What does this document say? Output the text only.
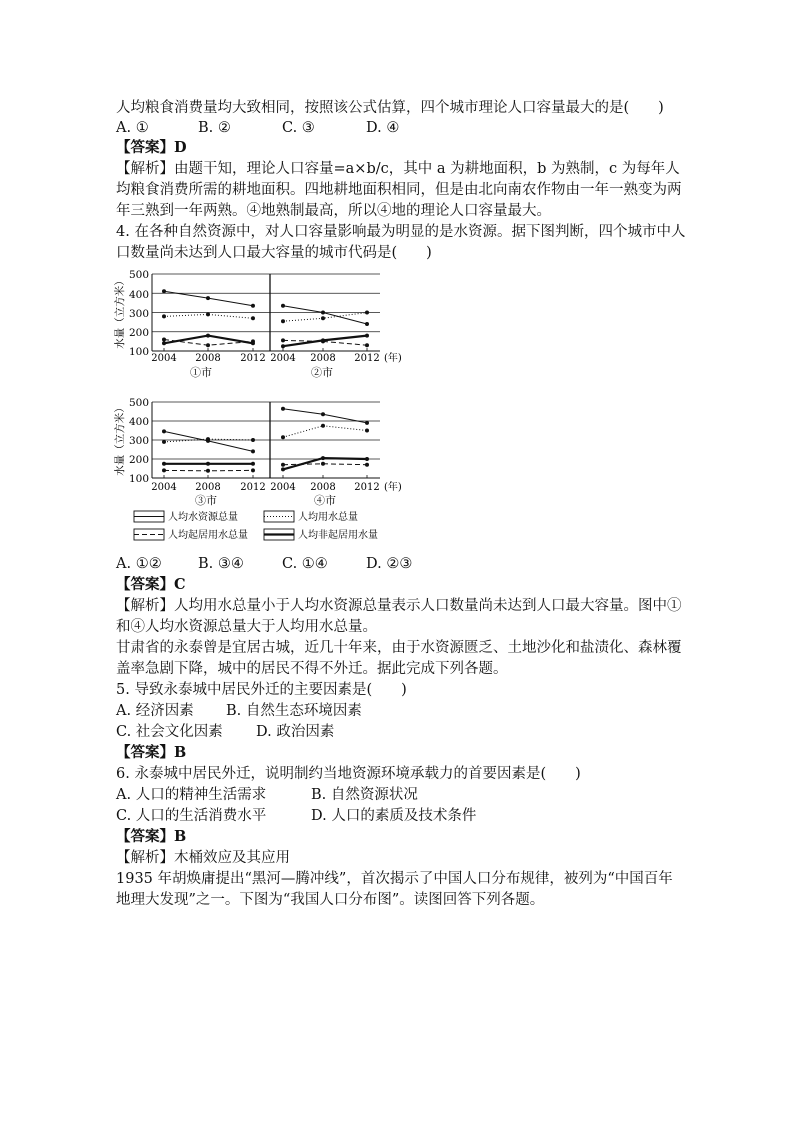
人均粮食消费量均大致相同，按照该公式估算，四个城市理论人口容量最大的是(　　)
A. ①	B. ②	C. ③	D. ④
【答案】D
【解析】由题干知，理论人口容量=a×b/c，其中 a 为耕地面积，b 为熟制，c 为每年人
均粮食消费所需的耕地面积。四地耕地面积相同，但是由北向南农作物由一年一熟变为两
年三熟到一年两熟。④地熟制最高，所以④地的理论人口容量最大。
4. 在各种自然资源中，对人口容量影响最为明显的是水资源。据下图判断，四个城市中人
口数量尚未达到人口最大容量的城市代码是(　　)
水量（立方米）
500
400
300
200
100
2004 2008 2012 2004 2008 2012 (年)
①市	②市
水量（立方米） 500
400
300
200
100
2004 2008 2012 2004 2008 2012 (年)
③市	④市
人均水资源总量	人均用水总量
人均起居用水总量	人均非起居用水量
A. ①②	B. ③④	C. ①④	D. ②③
【答案】C
【解析】人均用水总量小于人均水资源总量表示人口数量尚未达到人口最大容量。图中①
和④人均水资源总量大于人均用水总量。
甘肃省的永泰曾是宜居古城，近几十年来，由于水资源匮乏、土地沙化和盐渍化、森林覆
盖率急剧下降，城中的居民不得不外迁。据此完成下列各题。
5. 导致永泰城中居民外迁的主要因素是(　　)
A. 经济因素 B. 自然生态环境因素
C. 社会文化因素 D. 政治因素
【答案】B
6. 永泰城中居民外迁，说明制约当地资源环境承载力的首要因素是(　　)
A. 人口的精神生活需求	B. 自然资源状况
C. 人口的生活消费水平	D. 人口的素质及技术条件
【答案】B
【解析】木桶效应及其应用
1935 年胡焕庸提出“黑河—腾冲线”，首次揭示了中国人口分布规律，被列为“中国百年
地理大发现”之一。下图为“我国人口分布图”。读图回答下列各题。
